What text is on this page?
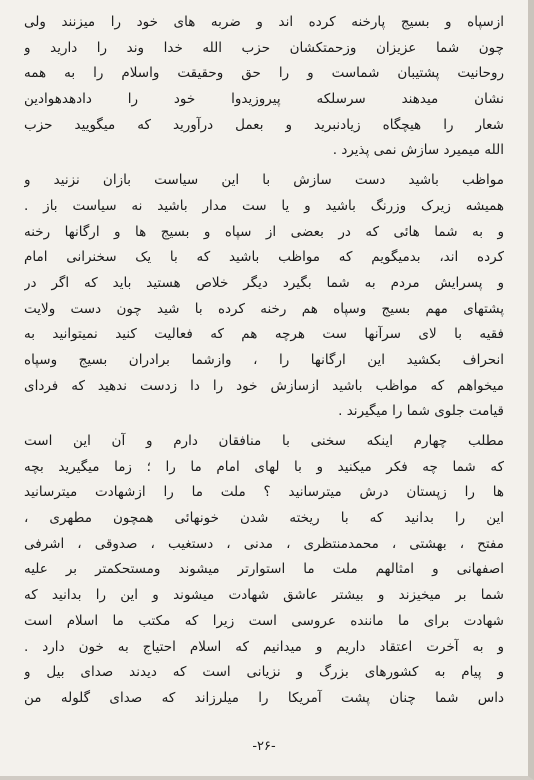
ازسپاه و بسیج پارخنه کرده اند و ضربه های خود را میزنند ولی
چون شما عزیزان وزحمتکشان حزب الله خدا وند را دارید و
روحانیت پشتیبان شماست و را حق وحقیقت واسلام را به همه
نشان میدهند سرسلکه پیروزیدوا خود را دادهدهوادین
شعار را هیچگاه زیادنبرید و بعمل درآورید که میگویید حزب
الله میمیرد سازش نمی پذیرد .
مواظب باشید دست سازش با این سیاست بازان نزنید و
همیشه زیرک وزرنگ باشید و یا ست مدار باشید نه سیاست باز .
و به شما هائی که در بعضی از سپاه و بسیج ها و ارگانها رخنه
کرده اند، بدمیگویم که مواظب باشید که با یک سخنرانی امام
و پسرایش مردم به شما بگیرد دیگر خلاص هستید باید که اگر در
پشتهای مهم بسیج وسپاه هم رخنه کرده با شید چون دست ولایت
فقیه با لای سرآنها ست هرچه هم که فعالیت کنید نمیتوانید به
انحراف بکشید این ارگانها را ، وازشما برادران بسیج وسپاه
میخواهم که مواظب باشید ازسازش خود را دا زدست ندهید که فردای
قیامت جلوی شما را میگیرند .
مطلب چهارم اینکه سخنی با منافقان دارم و آن این است
که شما چه فکر میکنید و با لهای امام ما را ؛ زما میگیرید بچه
ها را زپستان درش میترسانید ؟ ملت ما را ازشهادت میترسانید
این را بدانید که با ریخته شدن خونهائی همچون مطهری ،
مفتح ، بهشتی ، محمدمنتظری ، مدنی ، دستغیب ، صدوقی ، اشرفی
اصفهانی و امثالهم ملت ما استوارتر میشوند ومستحکمتر بر علیه
شما بر میخیزند و بیشتر عاشق شهادت میشوند و این را بدانید که
شهادت برای ما ماننده عروسی است زیرا که مکتب ما اسلام است
و به آخرت اعتقاد داریم و میدانیم که اسلام احتیاج به خون دارد .
و پیام به کشورهای بزرگ و نزیانی است که دیدند صدای بیل و
داس شما چنان پشت آمریکا را میلرزاند که صدای گلوله من
-۲۶-
